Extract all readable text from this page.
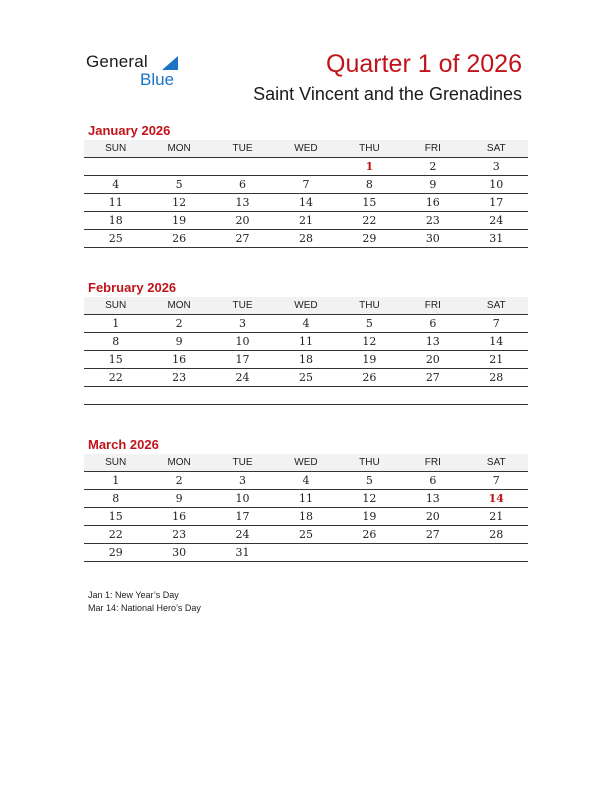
General
Blue
Quarter 1 of 2026
Saint Vincent and the Grenadines
January 2026
SUN	MON	TUE	WED	THU	FRI	SAT
				1	2	3
4	5	6	7	8	9	10
11	12	13	14	15	16	17
18	19	20	21	22	23	24
25	26	27	28	29	30	31
February 2026
SUN	MON	TUE	WED	THU	FRI	SAT
1	2	3	4	5	6	7
8	9	10	11	12	13	14
15	16	17	18	19	20	21
22	23	24	25	26	27	28

March 2026
SUN	MON	TUE	WED	THU	FRI	SAT
1	2	3	4	5	6	7
8	9	10	11	12	13	14
15	16	17	18	19	20	21
22	23	24	25	26	27	28
29	30	31				
Jan 1: New Year’s Day
Mar 14: National Hero’s Day
